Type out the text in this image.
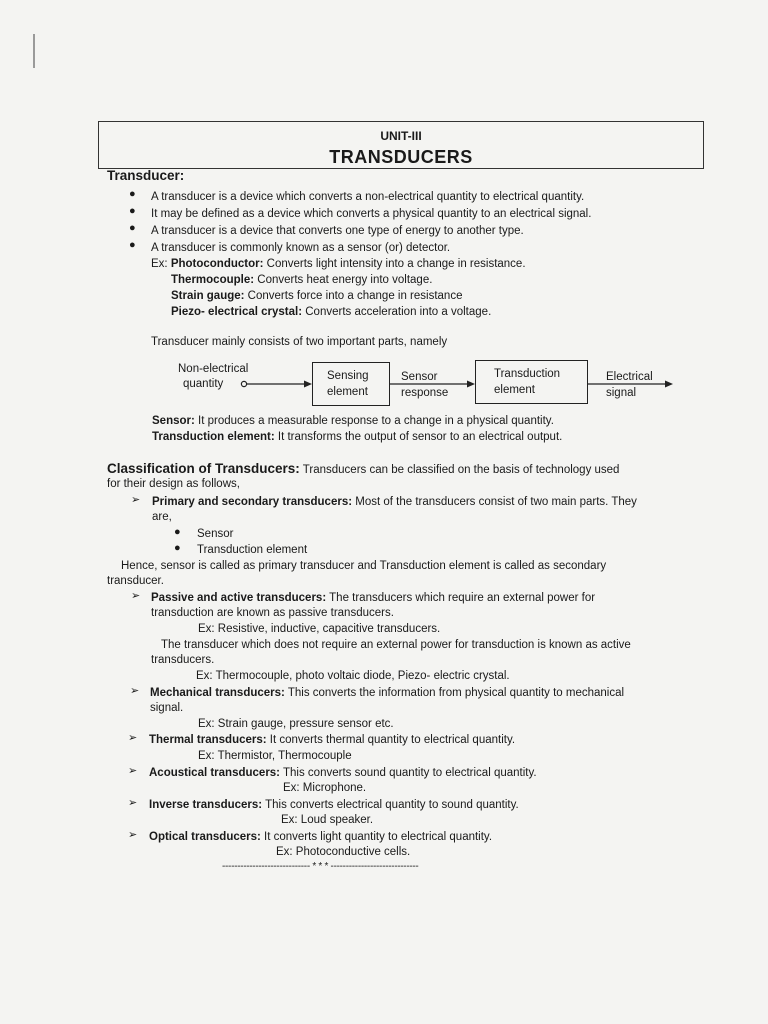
UNIT-III
TRANSDUCERS
Transducer:
● A transducer is a device which converts a non-electrical quantity to electrical quantity.
● It may be defined as a device which converts a physical quantity to an electrical signal.
● A transducer is a device that converts one type of energy to another type.
● A transducer is commonly known as a sensor (or) detector.
Ex: Photoconductor: Converts light intensity into a change in resistance.
Thermocouple: Converts heat energy into voltage.
Strain gauge: Converts force into a change in resistance
Piezo- electrical crystal: Converts acceleration into a voltage.
Transducer mainly consists of two important parts, namely
Non-electrical
quantity
Sensing
element
Sensor
response
Transduction
element
Electrical
signal
Sensor: It produces a measurable response to a change in a physical quantity.
Transduction element: It transforms the output of sensor to an electrical output.
Classification of Transducers: Transducers can be classified on the basis of technology used
for their design as follows,
➢ Primary and secondary transducers: Most of the transducers consist of two main parts. They
are,
● Sensor
● Transduction element
Hence, sensor is called as primary transducer and Transduction element is called as secondary
transducer.
➢ Passive and active transducers: The transducers which require an external power for
transduction are known as passive transducers.
Ex: Resistive, inductive, capacitive transducers.
The transducer which does not require an external power for transduction is known as active
transducers.
Ex: Thermocouple, photo voltaic diode, Piezo- electric crystal.
➢ Mechanical transducers: This converts the information from physical quantity to mechanical
signal.
Ex: Strain gauge, pressure sensor etc.
➢ Thermal transducers: It converts thermal quantity to electrical quantity.
Ex: Thermistor, Thermocouple
➢ Acoustical transducers: This converts sound quantity to electrical quantity.
Ex: Microphone.
➢ Inverse transducers: This converts electrical quantity to sound quantity.
Ex: Loud speaker.
➢ Optical transducers: It converts light quantity to electrical quantity.
Ex: Photoconductive cells.
----------------------------- * * * -----------------------------
